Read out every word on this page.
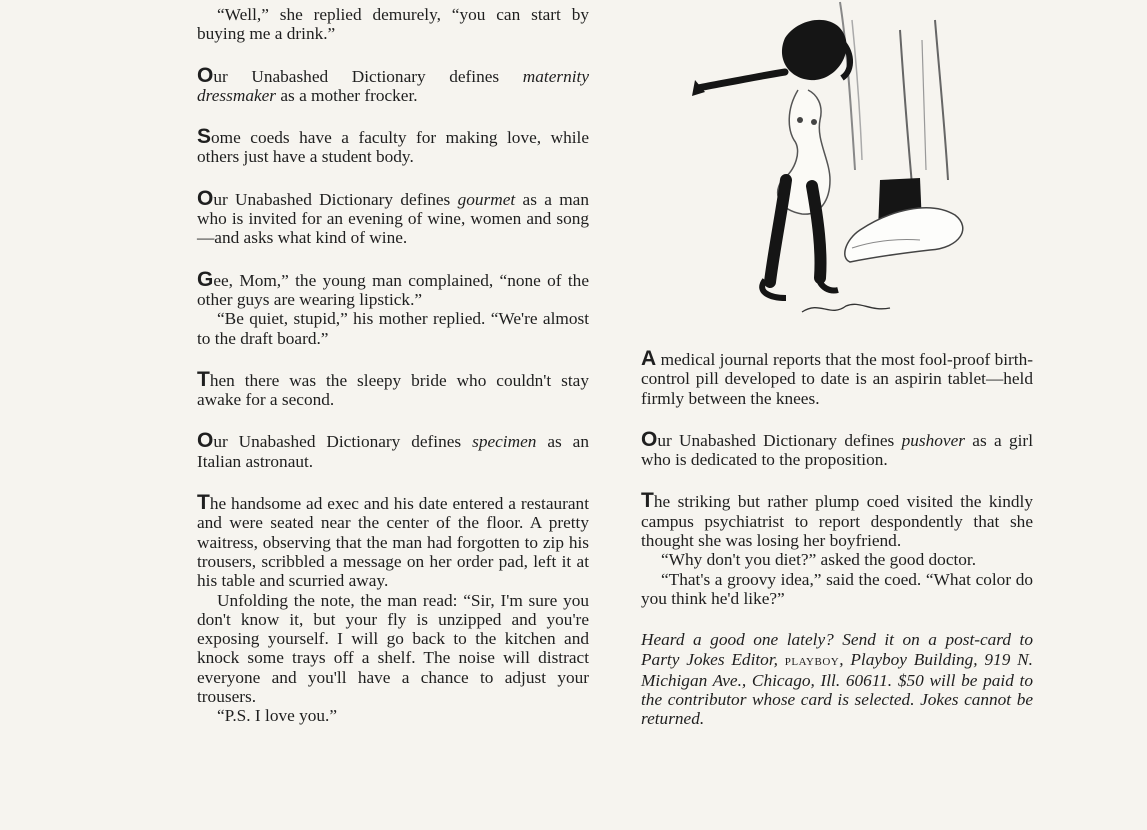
“Well,” she replied demurely, “you can start by buying me a drink.”

Our Unabashed Dictionary defines maternity dressmaker as a mother frocker.

Some coeds have a faculty for making love, while others just have a student body.

Our Unabashed Dictionary defines gourmet as a man who is invited for an evening of wine, women and song—and asks what kind of wine.

Gee, Mom,” the young man complained, “none of the other guys are wearing lipstick.”

“Be quiet, stupid,” his mother replied. “We're almost to the draft board.”

Then there was the sleepy bride who couldn't stay awake for a second.

Our Unabashed Dictionary defines specimen as an Italian astronaut.

The handsome ad exec and his date entered a restaurant and were seated near the center of the floor. A pretty waitress, observing that the man had forgotten to zip his trousers, scribbled a message on her order pad, left it at his table and scurried away.

Unfolding the note, the man read: “Sir, I'm sure you don't know it, but your fly is unzipped and you're exposing yourself. I will go back to the kitchen and knock some trays off a shelf. The noise will distract everyone and you'll have a chance to adjust your trousers.

“P.S. I love you.”

A medical journal reports that the most fool-proof birth-control pill developed to date is an aspirin tablet—held firmly between the knees.

Our Unabashed Dictionary defines pushover as a girl who is dedicated to the proposition.

The striking but rather plump coed visited the kindly campus psychiatrist to report despondently that she thought she was losing her boyfriend.

“Why don't you diet?” asked the good doctor.

“That's a groovy idea,” said the coed. “What color do you think he'd like?”

Heard a good one lately? Send it on a post-card to Party Jokes Editor, playboy, Playboy Building, 919 N. Michigan Ave., Chicago, Ill. 60611. $50 will be paid to the contributor whose card is selected. Jokes cannot be returned.
